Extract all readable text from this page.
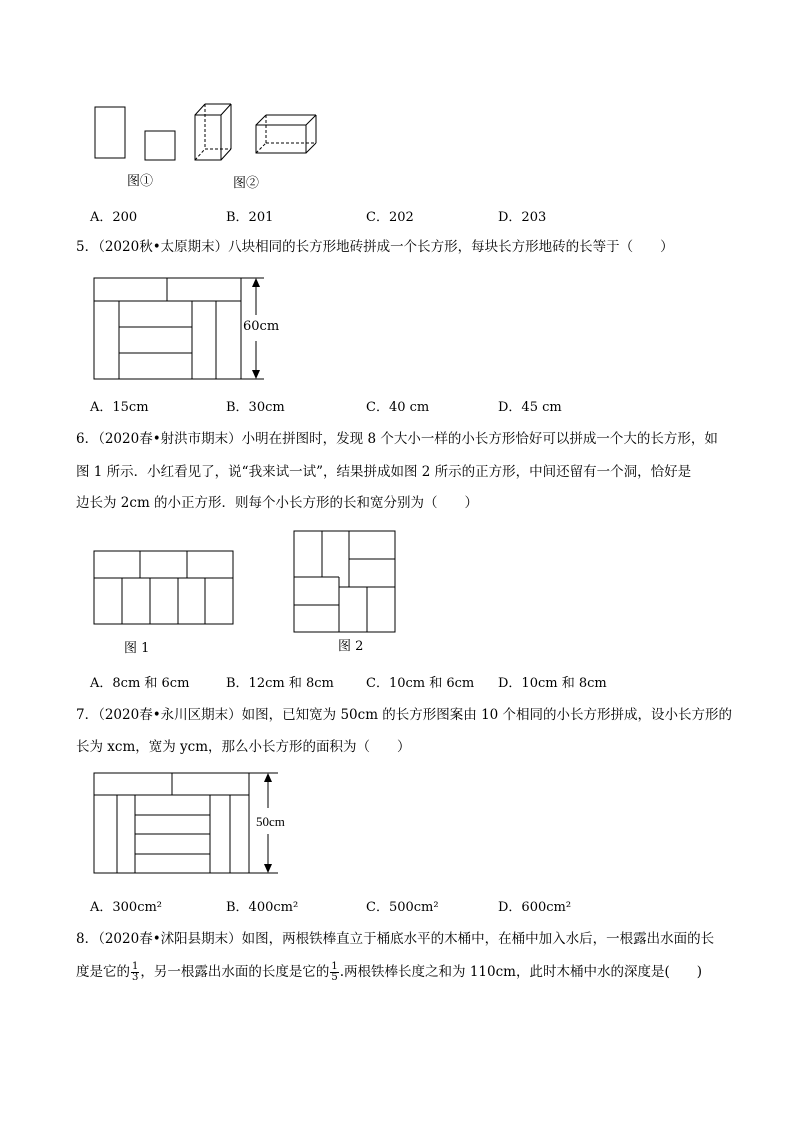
图①	图②
A．200	B．201	C．202	D．203
5．（2020秋•太原期末）八块相同的长方形地砖拼成一个长方形，每块长方形地砖的长等于（　　）
60cm
A．15cm	B．30cm	C．40 cm	D．45 cm
6．（2020春•射洪市期末）小明在拼图时，发现 8 个大小一样的小长方形恰好可以拼成一个大的长方形，如
图 1 所示．小红看见了，说“我来试一试”，结果拼成如图 2 所示的正方形，中间还留有一个洞，恰好是
边长为 2cm 的小正方形．则每个小长方形的长和宽分别为（　　）
图 1	图 2
A．8cm 和 6cm	B．12cm 和 8cm C．10cm 和 6cm D．10cm 和 8cm
7．（2020春•永川区期末）如图，已知宽为 50cm 的长方形图案由 10 个相同的小长方形拼成，设小长方形的
长为 xcm，宽为 ycm，那么小长方形的面积为（　　）
50cm
A．300cm²	B．400cm²	C．500cm²	D．600cm²
8．（2020春•沭阳县期末）如图，两根铁棒直立于桶底水平的木桶中，在桶中加入水后，一根露出水面的长
度是它的 $\frac{1}{3}$ ，另一根露出水面的长度是它的 $\frac{1}{5}$ .两根铁棒长度之和为 110cm，此时木桶中水的深度是(　　)
